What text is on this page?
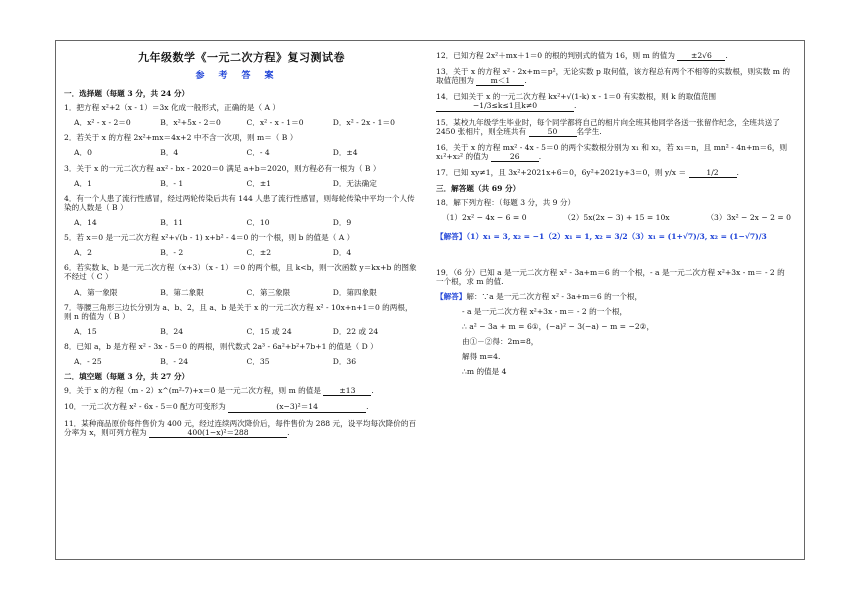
九年级数学《一元二次方程》复习测试卷
参考答案
一．选择题（每题 3 分，共 24 分）
1．把方程 x²+2（x - 1）＝3x 化成一般形式，正确的是（ A ）
A．x² - x - 2＝0	B．x²+5x - 2＝0	C．x² - x - 1＝0	D．x² - 2x - 1＝0
2．若关于 x 的方程 2x²+mx＝4x+2 中不含一次项，则 m＝（ B ）
A．0	B．4	C．- 4	D．±4
3．关于 x 的一元二次方程 ax² - bx - 2020＝0 满足 a+b＝2020，则方程必有一根为（ B ）
A．1	B．- 1	C．±1	D．无法确定
4．有一个人患了流行性感冒，经过两轮传染后共有 144 人患了流行性感冒，则每轮传染中平均一个人传染的人数是（ B ）
A．14	B．11	C．10	D．9
5．若 x＝0 是一元二次方程 x²+√(b - 1) x+b² - 4＝0 的一个根，则 b 的值是（ A ）
A．2	B．- 2	C．±2	D．4
6．若实数 k、b 是一元二次方程（x+3）（x - 1）＝0 的两个根，且 k<b，则一次函数 y＝kx+b 的图象不经过（ C ）
A．第一象限	B．第二象限	C．第三象限	D．第四象限
7．等腰三角形三边长分别为 a、b、2，且 a、b 是关于 x 的一元二次方程 x² - 10x+n+1＝0 的两根，则 n 的值为（ B ）
A．15	B．24	C．15 或 24	D．22 或 24
8．已知 a，b 是方程 x² - 3x - 5＝0 的两根，则代数式 2a³ - 6a²+b²+7b+1 的值是（ D ）
A．- 25	B．- 24	C．35	D．36
二．填空题（每题 3 分，共 27 分）
9．关于 x 的方程（m - 2）x^(m²-7)+x＝0 是一元二次方程，则 m 的值是 ±13 .
10．一元二次方程 x² - 6x - 5＝0 配方可变形为	(x−3)²＝14	.
11．某种商品原价每件售价为 400 元，经过连续两次降价后，每件售价为 288 元，设平均每次降价的百分率为 x，则可列方程为	400(1−x)²＝288	.
12．已知方程 2x²＋mx＋1＝0 的根的判别式的值为 16，则 m 的值为 ±2√6 .
13．关于 x 的方程 x² - 2x+m＝p²，无论实数 p 取何值，该方程总有两个不相等的实数根，则实数 m 的取值范围为 m＜1 .
14．已知关于 x 的一元二次方程 kx²+√(1-k) x - 1＝0 有实数根，则 k 的取值范围 −1/3≤k≤1且k≠0	.
15．某校九年级学生毕业时，每个同学都将自己的相片向全班其他同学各送一张留作纪念，全班共送了 2450 张相片，则全班共有	50	名学生.
16．关于 x 的方程 mx² - 4x - 5＝0 的两个实数根分别为 x₁ 和 x₂，若 x₁＝n，且 mn² - 4n+m＝6，则 x₁²+x₂² 的值为	26	.
17．已知 xy≠1，且 3x²+2021x+6＝0，6y²+2021y+3＝0，则 y/x ＝	1/2 .
三．解答题（共 69 分）
18．解下列方程：（每题 3 分，共 9 分）
（1）2x² − 4x − 6 = 0	（2）5x(2x − 3) + 15 = 10x	（3）3x² − 2x − 2 = 0
【解答】（1）x₁ = 3, x₂ = −1（2）x₁ = 1, x₂ = 3/2（3）x₁ = (1+√7)/3, x₂ = (1−√7)/3
19．（6 分）已知 a 是一元二次方程 x² - 3a+m＝6 的一个根，- a 是一元二次方程 x²+3x - m＝ - 2 的一个根，求 m 的值.
【解答】解：∵a 是一元二次方程 x² - 3a+m＝6 的一个根，
- a 是一元二次方程 x²+3x - m＝ - 2 的一个根，
∴ a² − 3a + m = 6①，(−a)² − 3(−a) − m = −2②，
由①－②得：2m=8，
解得 m=4.
∴m 的值是 4
